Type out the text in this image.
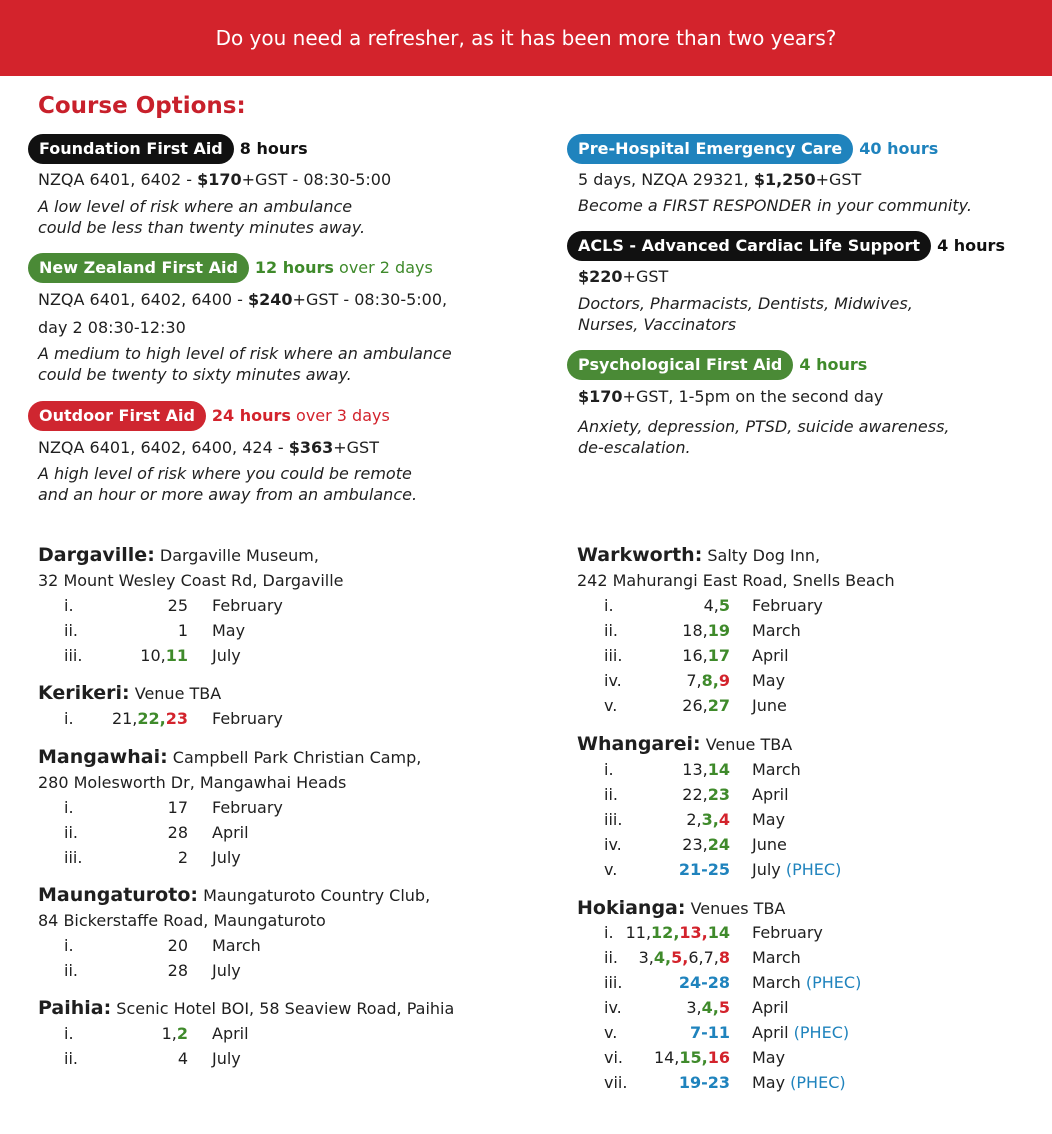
Do you need a refresher, as it has been more than two years?
Course Options:
Foundation First Aid 8 hours
NZQA 6401, 6402 - $170+GST - 08:30-5:00
A low level of risk where an ambulance
could be less than twenty minutes away.
New Zealand First Aid 12 hours over 2 days
NZQA 6401, 6402, 6400 - $240+GST - 08:30-5:00,
day 2 08:30-12:30
A medium to high level of risk where an ambulance
could be twenty to sixty minutes away.
Outdoor First Aid 24 hours over 3 days
NZQA 6401, 6402, 6400, 424 - $363+GST
A high level of risk where you could be remote
and an hour or more away from an ambulance.
Pre-Hospital Emergency Care 40 hours
5 days, NZQA 29321, $1,250+GST
Become a FIRST RESPONDER in your community.
ACLS - Advanced Cardiac Life Support 4 hours
$220+GST
Doctors, Pharmacists, Dentists, Midwives,
Nurses, Vaccinators
Psychological First Aid 4 hours
$170+GST, 1-5pm on the second day
Anxiety, depression, PTSD, suicide awareness,
de-escalation.
Dargaville: Dargaville Museum,
32 Mount Wesley Coast Rd, Dargaville
i.	25 February
ii.	1 May
iii.	10,11 July
Kerikeri: Venue TBA
i. 21,22,23 February
Mangawhai: Campbell Park Christian Camp,
280 Molesworth Dr, Mangawhai Heads
i.	17 February
ii.	28 April
iii.	2 July
Maungaturoto: Maungaturoto Country Club,
84 Bickerstaffe Road, Maungaturoto
i.	20 March
ii.	28 July
Paihia: Scenic Hotel BOI, 58 Seaview Road, Paihia
i.	1,2 April
ii.	4 July
Warkworth: Salty Dog Inn,
242 Mahurangi East Road, Snells Beach
i.	4,5 February
ii.	18,19 March
iii.	16,17 April
iv.	7,8,9 May
v.	26,27 June
Whangarei: Venue TBA
i.	13,14 March
ii.	22,23 April
iii.	2,3,4 May
iv.	23,24 June
v.	21-25 July (PHEC)
Hokianga: Venues TBA
i. 11,12,13,14 February
ii. 3,4,5,6,7,8 March
iii.	24-28 March (PHEC)
iv.	3,4,5 April
v.	7-11 April (PHEC)
vi. 14,15,16 May
vii.	19-23 May (PHEC)
